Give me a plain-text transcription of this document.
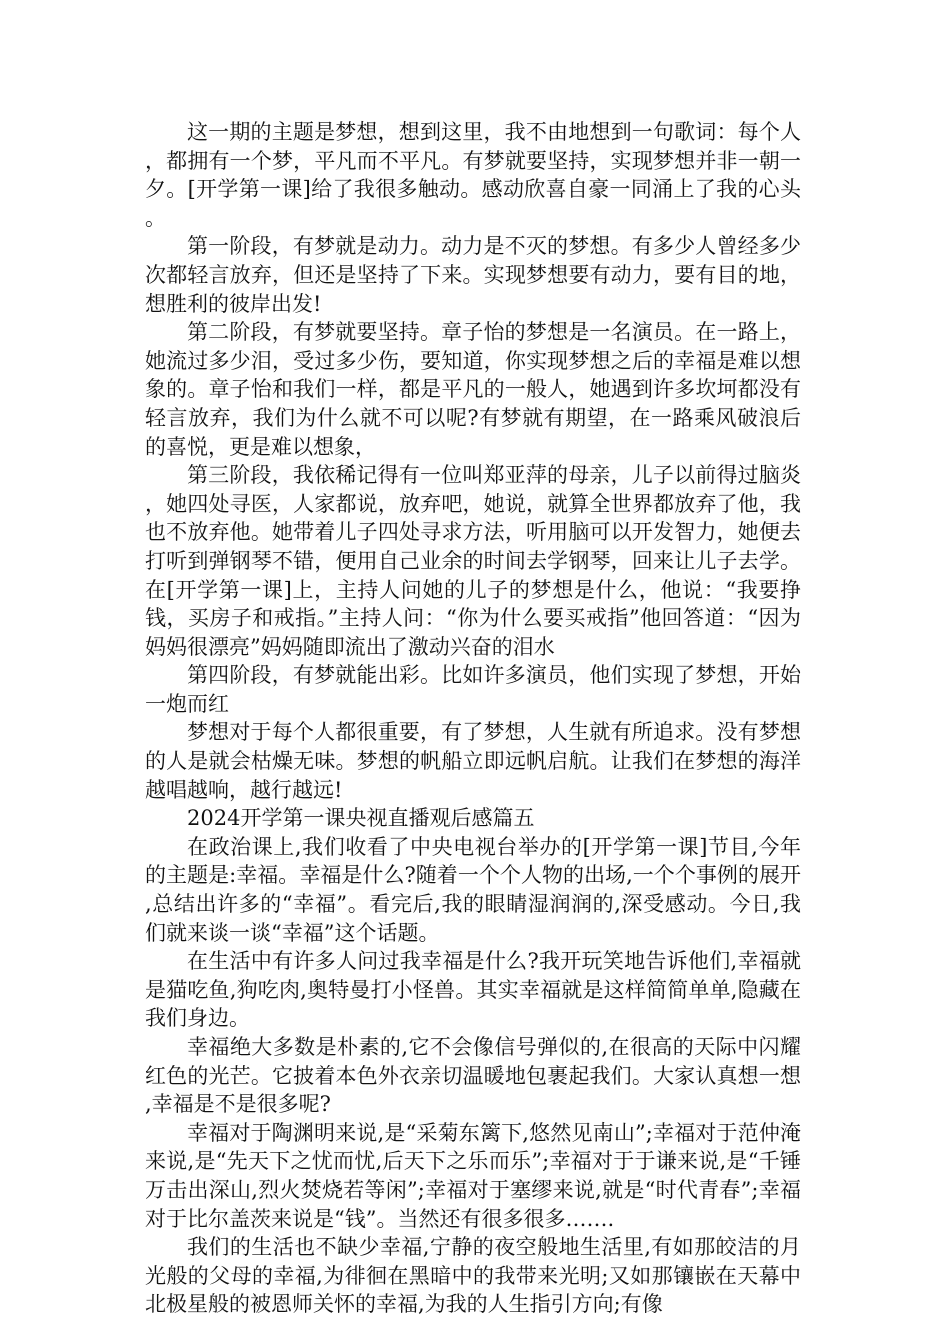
这一期的主题是梦想，想到这里，我不由地想到一句歌词：每个人，都拥有一个梦，平凡而不平凡。有梦就要坚持，实现梦想并非一朝一夕。[开学第一课]给了我很多触动。感动欣喜自豪一同涌上了我的心头。

第一阶段，有梦就是动力。动力是不灭的梦想。有多少人曾经多少次都轻言放弃，但还是坚持了下来。实现梦想要有动力，要有目的地，想胜利的彼岸出发!

第二阶段，有梦就要坚持。章子怡的梦想是一名演员。在一路上，她流过多少泪，受过多少伤，要知道，你实现梦想之后的幸福是难以想象的。章子怡和我们一样，都是平凡的一般人，她遇到许多坎坷都没有轻言放弃，我们为什么就不可以呢?有梦就有期望，在一路乘风破浪后的喜悦，更是难以想象，

第三阶段，我依稀记得有一位叫郑亚萍的母亲，儿子以前得过脑炎，她四处寻医，人家都说，放弃吧，她说，就算全世界都放弃了他，我也不放弃他。她带着儿子四处寻求方法，听用脑可以开发智力，她便去打听到弹钢琴不错，便用自己业余的时间去学钢琴，回来让儿子去学。在[开学第一课]上，主持人问她的儿子的梦想是什么，他说：“我要挣钱，买房子和戒指。”主持人问：“你为什么要买戒指”他回答道：“因为妈妈很漂亮”妈妈随即流出了激动兴奋的泪水

第四阶段，有梦就能出彩。比如许多演员，他们实现了梦想，开始一炮而红

梦想对于每个人都很重要，有了梦想，人生就有所追求。没有梦想的人是就会枯燥无味。梦想的帆船立即远帆启航。让我们在梦想的海洋越唱越响，越行越远!

2024开学第一课央视直播观后感篇五

在政治课上,我们收看了中央电视台举办的[开学第一课]节目,今年的主题是:幸福。幸福是什么?随着一个个人物的出场,一个个事例的展开,总结出许多的“幸福”。看完后,我的眼睛湿润润的,深受感动。今日,我们就来谈一谈“幸福”这个话题。

在生活中有许多人问过我幸福是什么?我开玩笑地告诉他们,幸福就是猫吃鱼,狗吃肉,奥特曼打小怪兽。其实幸福就是这样简简单单,隐藏在我们身边。

幸福绝大多数是朴素的,它不会像信号弹似的,在很高的天际中闪耀红色的光芒。它披着本色外衣亲切温暖地包裹起我们。大家认真想一想,幸福是不是很多呢?

幸福对于陶渊明来说,是“采菊东篱下,悠然见南山”;幸福对于范仲淹来说,是“先天下之忧而忧,后天下之乐而乐”;幸福对于于谦来说,是“千锤万击出深山,烈火焚烧若等闲”;幸福对于塞缪来说,就是“时代青春”;幸福对于比尔盖茨来说是“钱”。当然还有很多很多…….

我们的生活也不缺少幸福,宁静的夜空般地生活里,有如那皎洁的月光般的父母的幸福,为徘徊在黑暗中的我带来光明;又如那镶嵌在天幕中北极星般的被恩师关怀的幸福,为我的人生指引方向;有像
